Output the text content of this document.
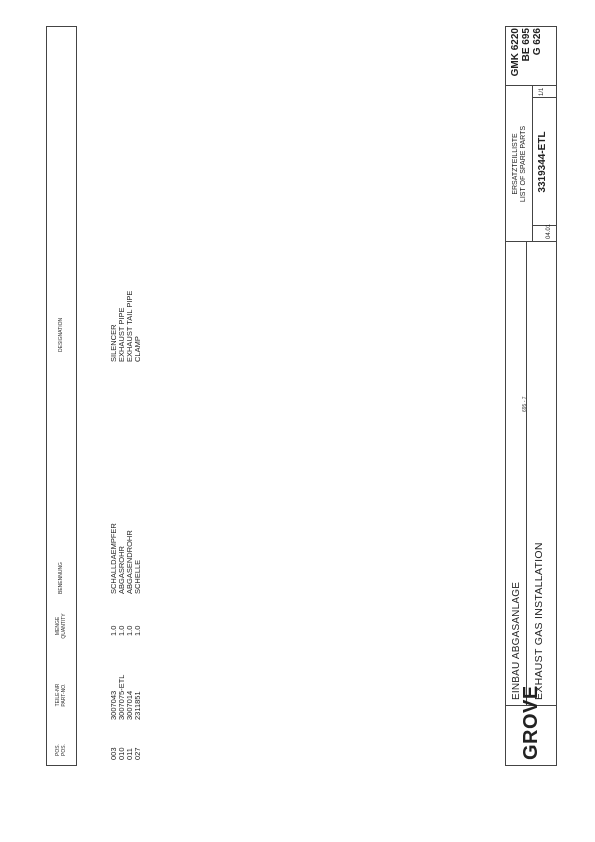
POS. POS.
TEILE-NR PART-NO.
MENGE QUANTITY
BENENNUNG
DESIGNATION
003
3007043
1.0
SCHALLDAEMPFER
SILENCER
010
3007075-ETL
1.0
ABGASROHR
EXHAUST PIPE
011
3007014
1.0
ABGASENDROHR
EXHAUST TAIL PIPE
027
2311851
1.0
SCHELLE
CLAMP
695 - 7
GROVE
EINBAU ABGASANLAGE EXHAUST GAS INSTALLATION
ERSATZTEILLISTE LIST OF SPARE PARTS
04.01
3319344-ETL
1/1
GMK 6220 BE 695 G 626
